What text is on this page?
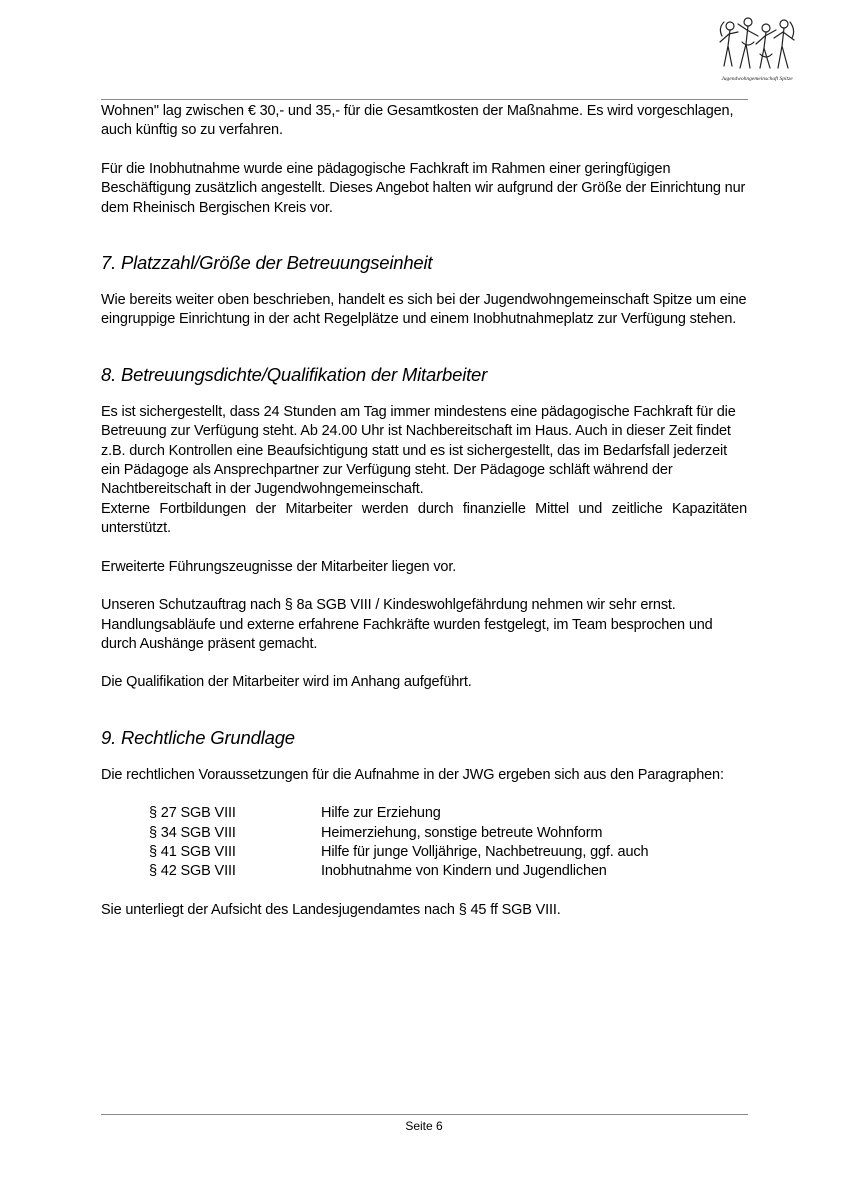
Jugendwohngemeinschaft Spitze

Wohnen" lag zwischen € 30,- und 35,- für die Gesamtkosten der Maßnahme. Es wird vorgeschlagen, auch künftig so zu verfahren.

Für die Inobhutnahme wurde eine pädagogische Fachkraft im Rahmen einer geringfügigen Beschäftigung zusätzlich angestellt. Dieses Angebot halten wir aufgrund der Größe der Einrichtung nur dem Rheinisch Bergischen Kreis vor.

7. Platzzahl/Größe der Betreuungseinheit

Wie bereits weiter oben beschrieben, handelt es sich bei der Jugendwohngemeinschaft Spitze um eine eingruppige Einrichtung in der acht Regelplätze und einem Inobhutnahmeplatz zur Verfügung stehen.

8. Betreuungsdichte/Qualifikation der Mitarbeiter

Es ist sichergestellt, dass 24 Stunden am Tag immer mindestens eine pädagogische Fachkraft für die Betreuung zur Verfügung steht. Ab 24.00 Uhr ist Nachbereitschaft im Haus. Auch in dieser Zeit findet z.B. durch Kontrollen eine Beaufsichtigung statt und es ist sichergestellt, das im Bedarfsfall jederzeit ein Pädagoge als Ansprechpartner zur Verfügung steht. Der Pädagoge schläft während der Nachtbereitschaft in der Jugendwohngemeinschaft.

Externe Fortbildungen der Mitarbeiter werden durch finanzielle Mittel und zeitliche Kapazitäten unterstützt.

Erweiterte Führungszeugnisse der Mitarbeiter liegen vor.

Unseren Schutzauftrag nach § 8a SGB VIII / Kindeswohlgefährdung nehmen wir sehr ernst. Handlungsabläufe und externe erfahrene Fachkräfte wurden festgelegt, im Team besprochen und durch Aushänge präsent gemacht.

Die Qualifikation der Mitarbeiter wird im Anhang aufgeführt.

9. Rechtliche Grundlage

Die rechtlichen Voraussetzungen für die Aufnahme in der JWG ergeben sich aus den Paragraphen:

§ 27 SGB VIII	Hilfe zur Erziehung
§ 34 SGB VIII	Heimerziehung, sonstige betreute Wohnform
§ 41 SGB VIII	Hilfe für junge Volljährige, Nachbetreuung, ggf. auch
§ 42 SGB VIII	Inobhutnahme von Kindern und Jugendlichen

Sie unterliegt der Aufsicht des Landesjugendamtes nach § 45 ff SGB VIII.

Seite 6
